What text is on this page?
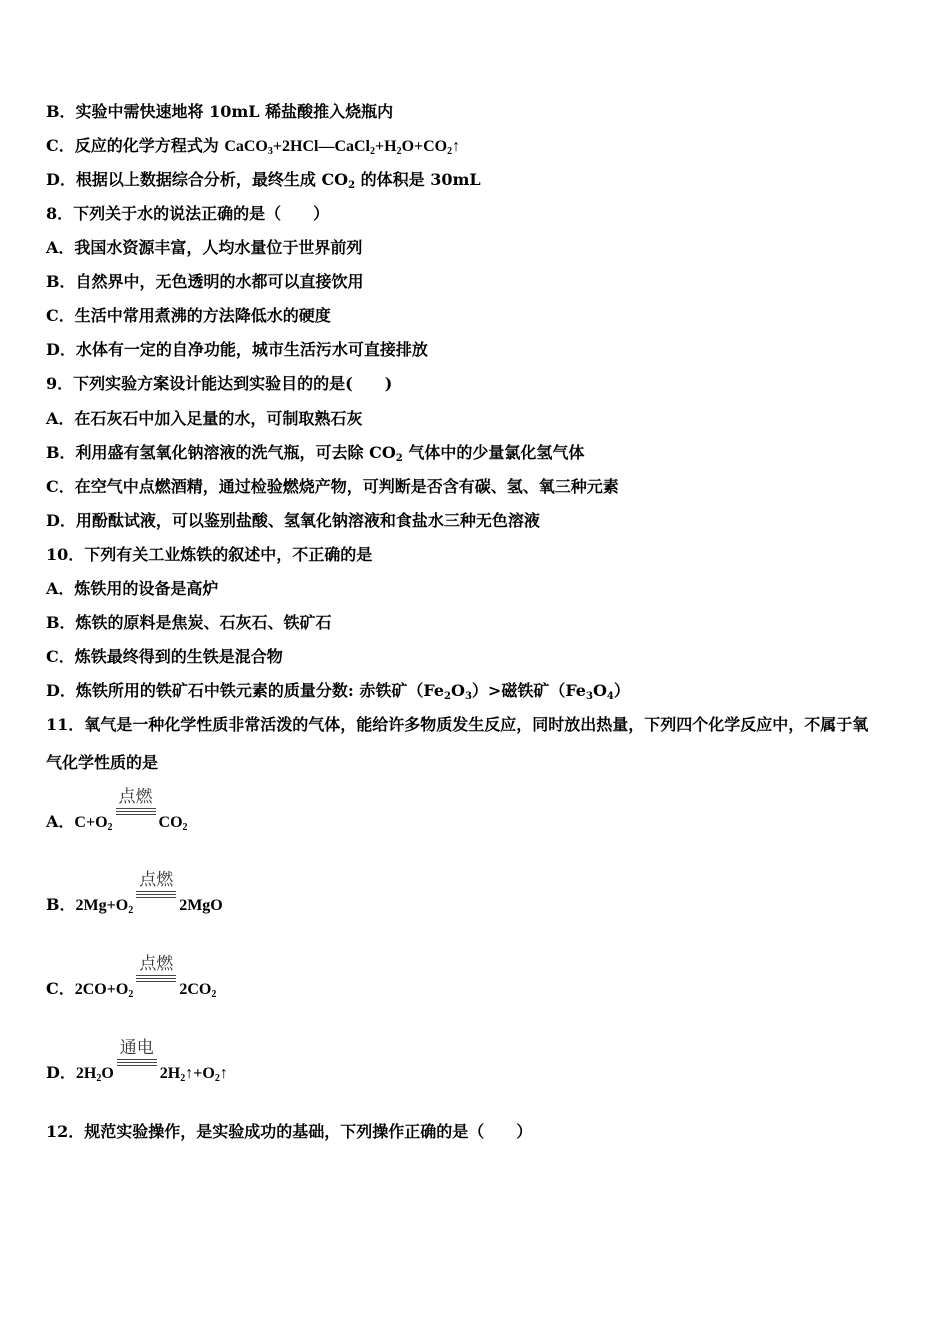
B．实验中需快速地将 10mL 稀盐酸推入烧瓶内
C．反应的化学方程式为 $CaCO_3+2HCl—CaCl_2+H_2O+CO_2↑$
D．根据以上数据综合分析，最终生成 $CO_2$ 的体积是 30mL
8．下列关于水的说法正确的是（　　）
A．我国水资源丰富，人均水量位于世界前列
B．自然界中，无色透明的水都可以直接饮用
C．生活中常用煮沸的方法降低水的硬度
D．水体有一定的自净功能，城市生活污水可直接排放
9．下列实验方案设计能达到实验目的的是(　　)
A．在石灰石中加入足量的水，可制取熟石灰
B．利用盛有氢氧化钠溶液的洗气瓶，可去除 $CO_2$ 气体中的少量氯化氢气体
C．在空气中点燃酒精，通过检验燃烧产物，可判断是否含有碳、氢、氧三种元素
D．用酚酞试液，可以鉴别盐酸、氢氧化钠溶液和食盐水三种无色溶液
10．下列有关工业炼铁的叙述中，不正确的是
A．炼铁用的设备是高炉
B．炼铁的原料是焦炭、石灰石、铁矿石
C．炼铁最终得到的生铁是混合物
D．炼铁所用的铁矿石中铁元素的质量分数: 赤铁矿$(Fe_2O_3)>$磁铁矿$(Fe_3O_4)$
11．氧气是一种化学性质非常活泼的气体，能给许多物质发生反应，同时放出热量，下列四个化学反应中，不属于氧
气化学性质的是
A．$C+O_2$
点燃
$CO_2$
B．$2Mg+O_2$
点燃
2MgO
C．$2CO+O_2$
点燃
$2CO_2$
D．$2H_2O$
通电
$2H_2↑+O_2↑$
12．规范实验操作，是实验成功的基础，下列操作正确的是（　　）
